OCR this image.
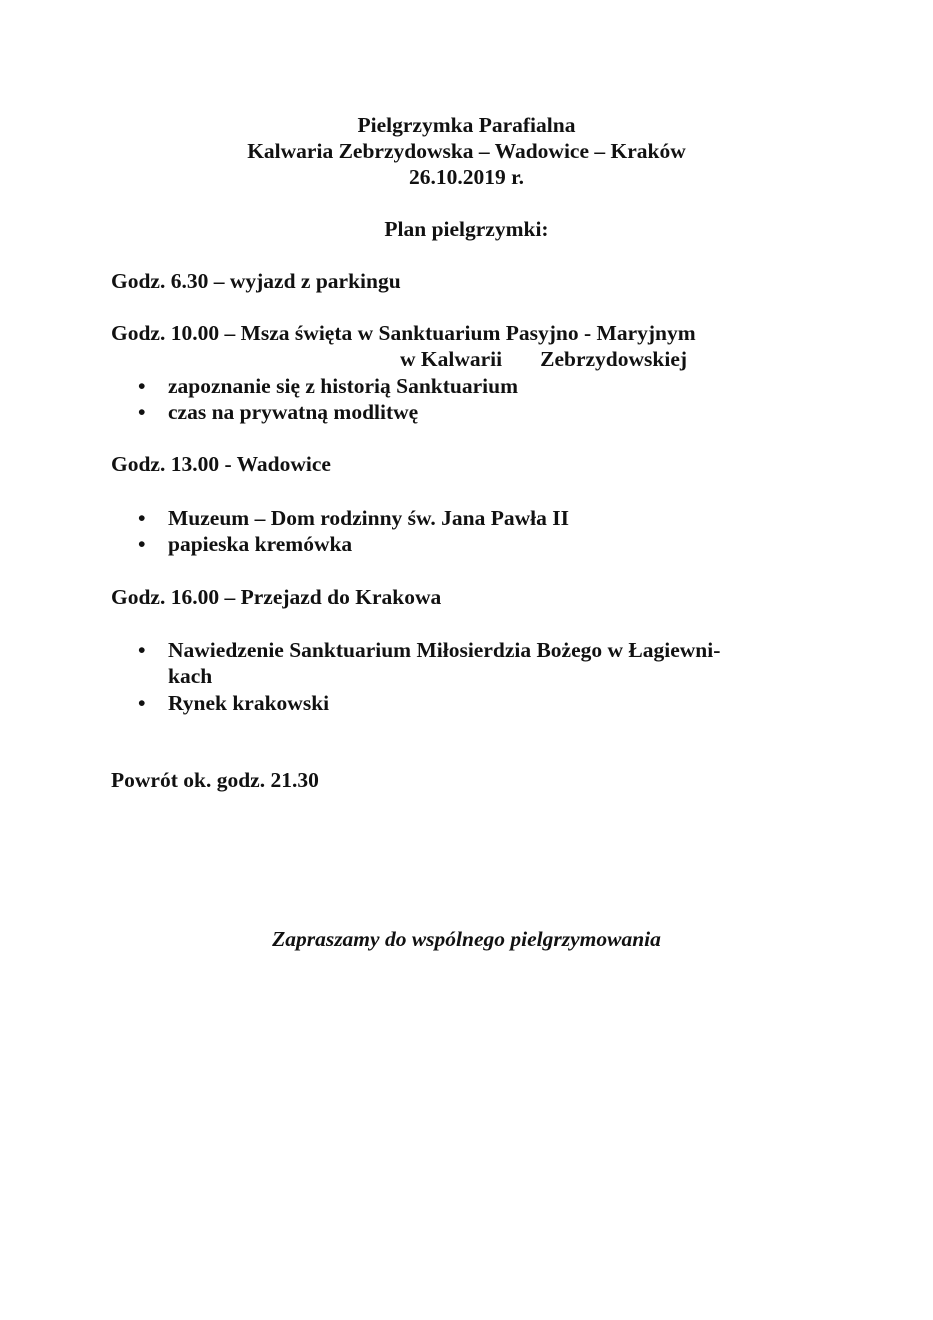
Pielgrzymka Parafialna
Kalwaria Zebrzydowska – Wadowice – Kraków
26.10.2019 r.
Plan pielgrzymki:
Godz. 6.30 – wyjazd z parkingu
Godz. 10.00 – Msza święta w Sanktuarium Pasyjno - Maryjnym
w Kalwarii Zebrzydowskiej
• zapoznanie się z historią Sanktuarium
• czas na prywatną modlitwę
Godz. 13.00 - Wadowice
• Muzeum – Dom rodzinny św. Jana Pawła II
• papieska kremówka
Godz. 16.00 – Przejazd do Krakowa
• Nawiedzenie Sanktuarium Miłosierdzia Bożego w Łagiewni-
kach
• Rynek krakowski
Powrót ok. godz. 21.30
Zapraszamy do wspólnego pielgrzymowania
